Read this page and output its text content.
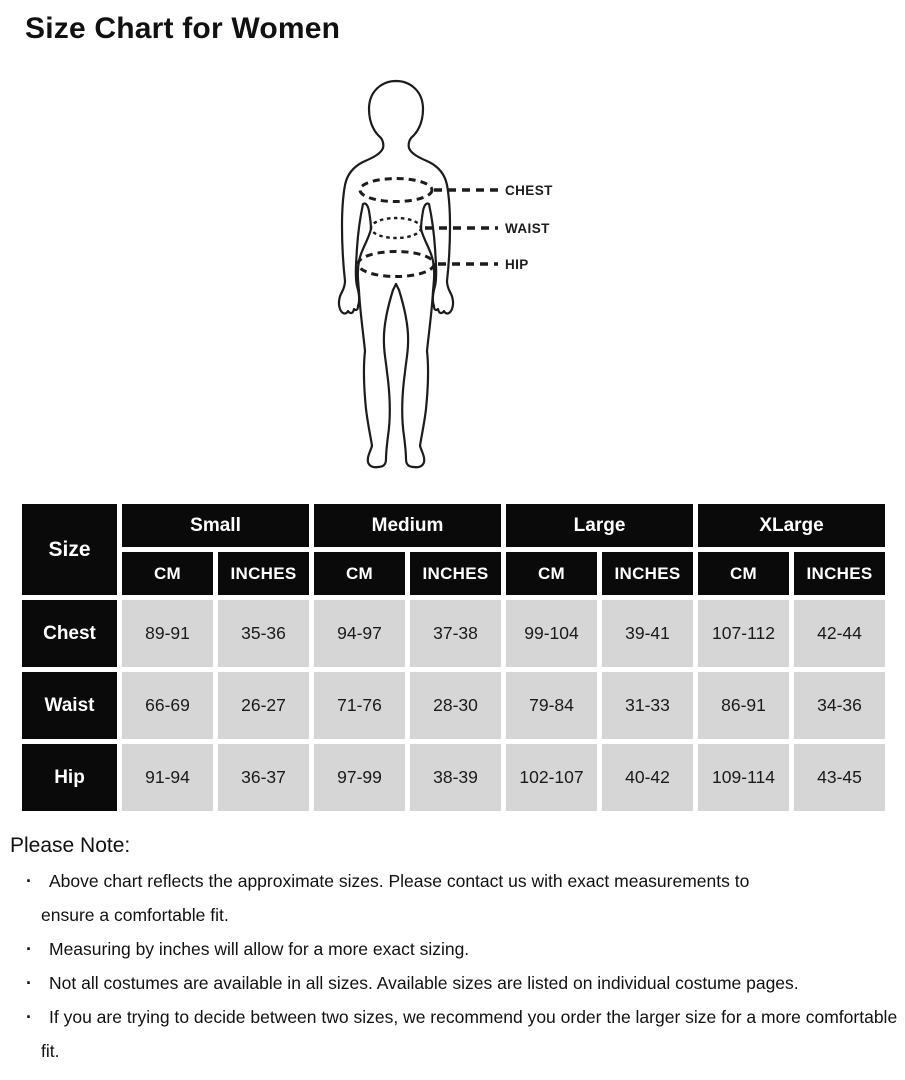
Size Chart for Women
CHEST
WAIST
HIP
Size	Small		Medium		Large		XLarge	
	CM	INCHES	CM	INCHES	CM	INCHES	CM	INCHES
Chest	89-91	35-36	94-97	37-38	99-104	39-41	107-112	42-44
Waist	66-69	26-27	71-76	28-30	79-84	31-33	86-91	34-36
Hip	91-94	36-37	97-99	38-39	102-107	40-42	109-114	43-45
Please Note:
· Above chart reflects the approximate sizes. Please contact us with exact measurements to ensure a comfortable fit.
· Measuring by inches will allow for a more exact sizing.
· Not all costumes are available in all sizes. Available sizes are listed on individual costume pages.
· If you are trying to decide between two sizes, we recommend you order the larger size for a more comfortable fit.
